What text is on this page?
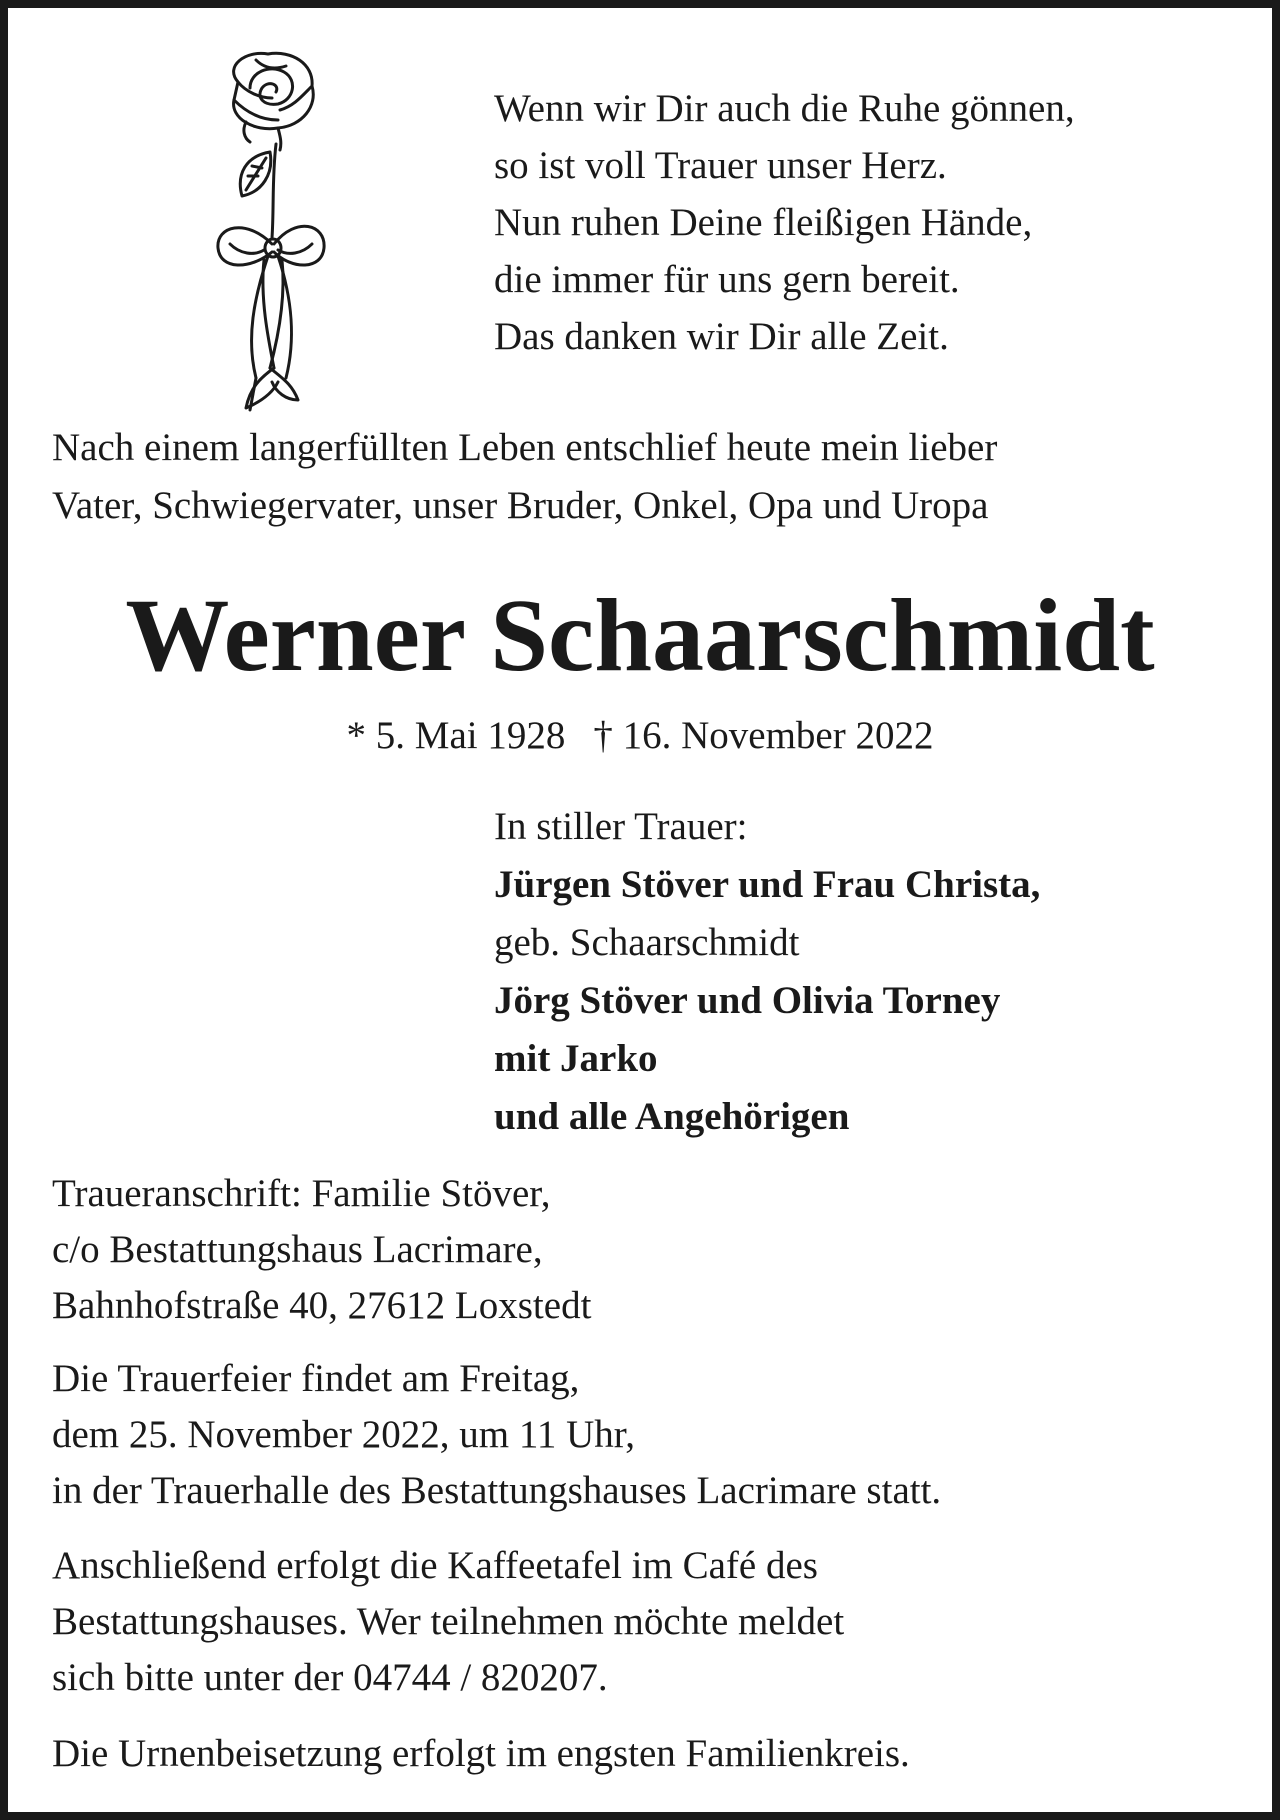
Wenn wir Dir auch die Ruhe gönnen,
so ist voll Trauer unser Herz.
Nun ruhen Deine fleißigen Hände,
die immer für uns gern bereit.
Das danken wir Dir alle Zeit.
Nach einem langerfüllten Leben entschlief heute mein lieber
Vater, Schwiegervater, unser Bruder, Onkel, Opa und Uropa
Werner Schaarschmidt
* 5. Mai 1928 † 16. November 2022
In stiller Trauer:
Jürgen Stöver und Frau Christa,
geb. Schaarschmidt
Jörg Stöver und Olivia Torney
mit Jarko
und alle Angehörigen
Traueranschrift: Familie Stöver,
c/o Bestattungshaus Lacrimare,
Bahnhofstraße 40, 27612 Loxstedt
Die Trauerfeier findet am Freitag,
dem 25. November 2022, um 11 Uhr,
in der Trauerhalle des Bestattungshauses Lacrimare statt.
Anschließend erfolgt die Kaffeetafel im Café des
Bestattungshauses. Wer teilnehmen möchte meldet
sich bitte unter der 04744 / 820207.
Die Urnenbeisetzung erfolgt im engsten Familienkreis.
